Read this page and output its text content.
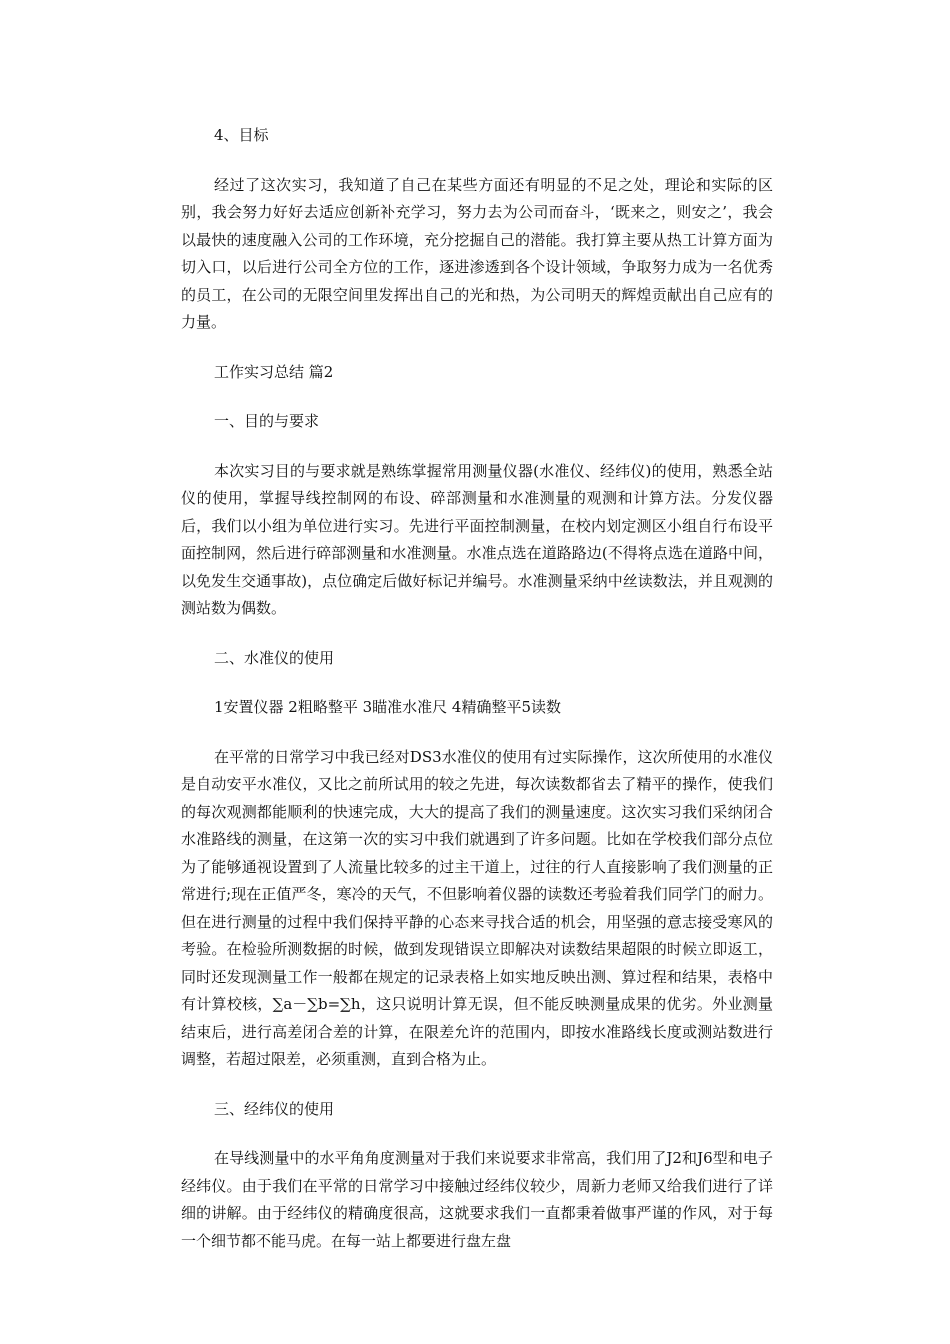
4、目标

经过了这次实习，我知道了自己在某些方面还有明显的不足之处，理论和实际的区别，我会努力好好去适应创新补充学习，努力去为公司而奋斗，‘既来之，则安之’，我会以最快的速度融入公司的工作环境，充分挖掘自己的潜能。我打算主要从热工计算方面为切入口，以后进行公司全方位的工作，逐进渗透到各个设计领域，争取努力成为一名优秀的员工，在公司的无限空间里发挥出自己的光和热，为公司明天的辉煌贡献出自己应有的力量。

工作实习总结 篇2

一、目的与要求

本次实习目的与要求就是熟练掌握常用测量仪器(水准仪、经纬仪)的使用，熟悉全站仪的使用，掌握导线控制网的布设、碎部测量和水准测量的观测和计算方法。分发仪器后，我们以小组为单位进行实习。先进行平面控制测量，在校内划定测区小组自行布设平面控制网，然后进行碎部测量和水准测量。水准点选在道路路边(不得将点选在道路中间，以免发生交通事故)，点位确定后做好标记并编号。水准测量采纳中丝读数法，并且观测的测站数为偶数。

二、水准仪的使用

1安置仪器 2粗略整平 3瞄准水准尺 4精确整平5读数

在平常的日常学习中我已经对DS3水准仪的使用有过实际操作，这次所使用的水准仪是自动安平水准仪，又比之前所试用的较之先进，每次读数都省去了精平的操作，使我们的每次观测都能顺利的快速完成，大大的提高了我们的测量速度。这次实习我们采纳闭合水准路线的测量，在这第一次的实习中我们就遇到了许多问题。比如在学校我们部分点位为了能够通视设置到了人流量比较多的过主干道上，过往的行人直接影响了我们测量的正常进行;现在正值严冬，寒冷的天气，不但影响着仪器的读数还考验着我们同学门的耐力。但在进行测量的过程中我们保持平静的心态来寻找合适的机会，用坚强的意志接受寒风的考验。在检验所测数据的时候，做到发现错误立即解决对读数结果超限的时候立即返工，同时还发现测量工作一般都在规定的记录表格上如实地反映出测、算过程和结果，表格中有计算校核，∑a－∑b=∑h，这只说明计算无误，但不能反映测量成果的优劣。外业测量结束后，进行高差闭合差的计算，在限差允许的范围内，即按水准路线长度或测站数进行调整，若超过限差，必须重测，直到合格为止。

三、经纬仪的使用

在导线测量中的水平角角度测量对于我们来说要求非常高，我们用了J2和J6型和电子经纬仪。由于我们在平常的日常学习中接触过经纬仪较少，周新力老师又给我们进行了详细的讲解。由于经纬仪的精确度很高，这就要求我们一直都秉着做事严谨的作风，对于每一个细节都不能马虎。在每一站上都要进行盘左盘
